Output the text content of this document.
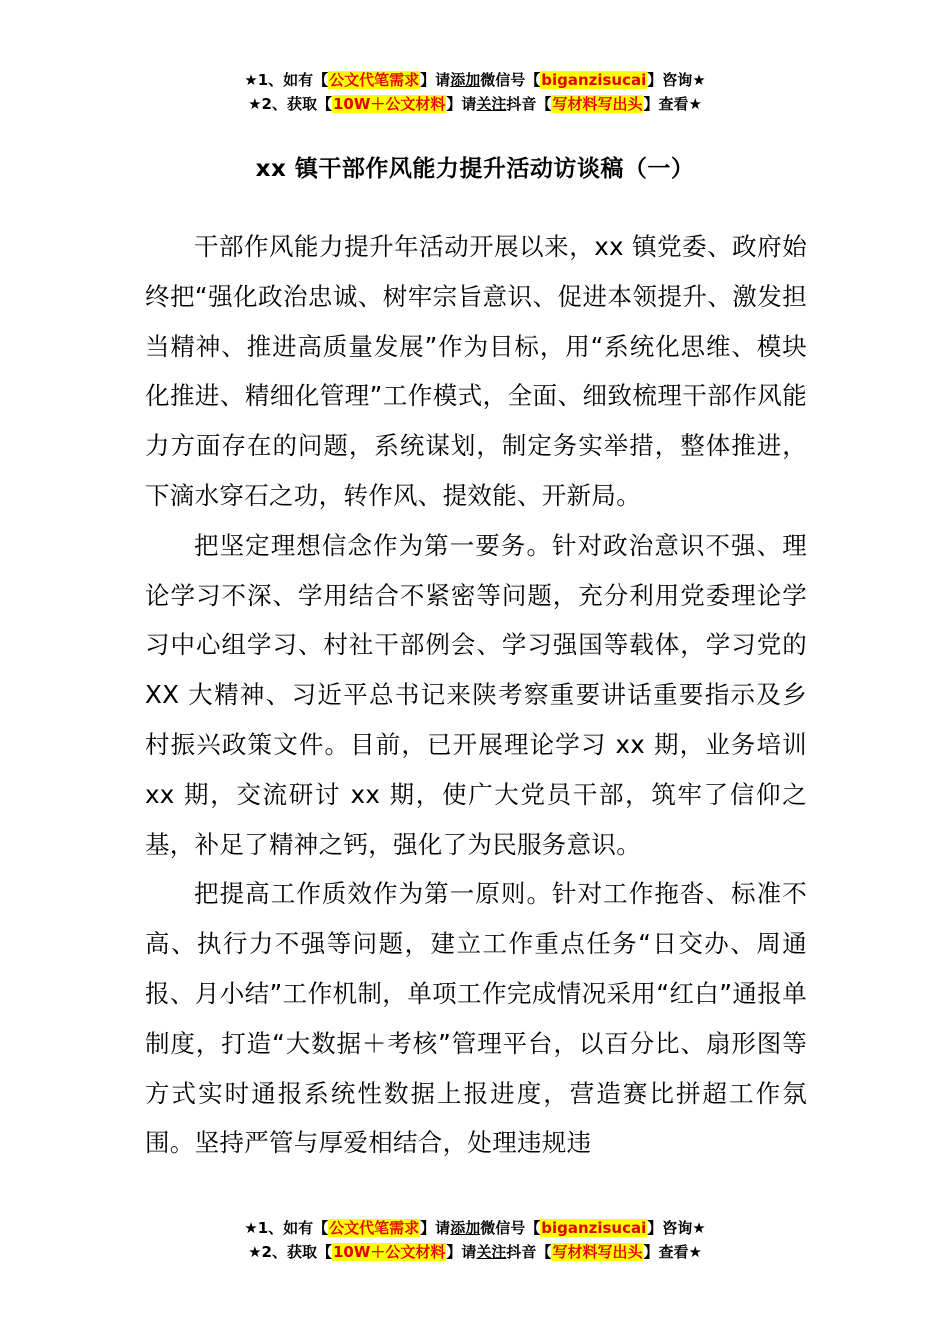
★1、如有【公文代笔需求】请添加微信号【biganzisucai】咨询★
★2、获取【10W＋公文材料】请关注抖音【写材料写出头】查看★
xx 镇干部作风能力提升活动访谈稿（一）

干部作风能力提升年活动开展以来，xx 镇党委、政府始终把“强化政治忠诚、树牢宗旨意识、促进本领提升、激发担当精神、推进高质量发展”作为目标，用“系统化思维、模块化推进、精细化管理”工作模式，全面、细致梳理干部作风能力方面存在的问题，系统谋划，制定务实举措，整体推进，下滴水穿石之功，转作风、提效能、开新局。

把坚定理想信念作为第一要务。针对政治意识不强、理论学习不深、学用结合不紧密等问题，充分利用党委理论学习中心组学习、村社干部例会、学习强国等载体，学习党的 XX 大精神、习近平总书记来陕考察重要讲话重要指示及乡村振兴政策文件。目前，已开展理论学习 xx 期，业务培训 xx 期，交流研讨 xx 期，使广大党员干部，筑牢了信仰之基，补足了精神之钙，强化了为民服务意识。

把提高工作质效作为第一原则。针对工作拖沓、标准不高、执行力不强等问题，建立工作重点任务“日交办、周通报、月小结”工作机制，单项工作完成情况采用“红白”通报单制度，打造“大数据＋考核”管理平台，以百分比、扇形图等方式实时通报系统性数据上报进度，营造赛比拼超工作氛围。坚持严管与厚爱相结合，处理违规违

★1、如有【公文代笔需求】请添加微信号【biganzisucai】咨询★
★2、获取【10W＋公文材料】请关注抖音【写材料写出头】查看★
